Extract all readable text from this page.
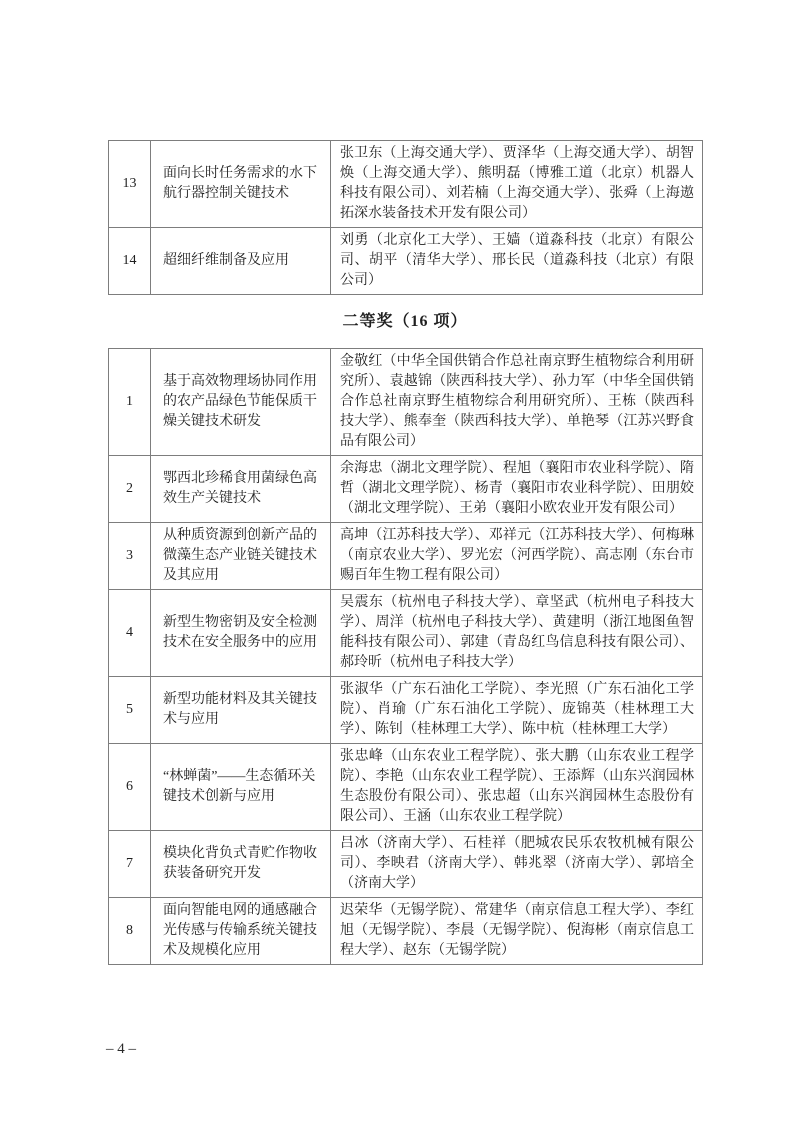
13	面向长时任务需求的水下航行器控制关键技术	张卫东（上海交通大学）、贾泽华（上海交通大学）、胡智焕（上海交通大学）、熊明磊（博雅工道（北京）机器人科技有限公司）、刘若楠（上海交通大学）、张舜（上海遨拓深水装备技术开发有限公司）
14	超细纤维制备及应用	刘勇（北京化工大学）、王嫱（道淼科技（北京）有限公司、胡平（清华大学）、邢长民（道淼科技（北京）有限公司）
二等奖（16 项）
1	基于高效物理场协同作用的农产品绿色节能保质干燥关键技术研发	金敬红（中华全国供销合作总社南京野生植物综合利用研究所）、袁越锦（陕西科技大学）、孙力军（中华全国供销合作总社南京野生植物综合利用研究所）、王栋（陕西科技大学）、熊奉奎（陕西科技大学）、单艳琴（江苏兴野食品有限公司）
2	鄂西北珍稀食用菌绿色高效生产关键技术	余海忠（湖北文理学院）、程旭（襄阳市农业科学院）、隋哲（湖北文理学院）、杨青（襄阳市农业科学院）、田朋姣（湖北文理学院）、王弟（襄阳小欧农业开发有限公司）
3	从种质资源到创新产品的微藻生态产业链关键技术及其应用	高坤（江苏科技大学）、邓祥元（江苏科技大学）、何梅琳（南京农业大学）、罗光宏（河西学院）、高志刚（东台市赐百年生物工程有限公司）
4	新型生物密钥及安全检测技术在安全服务中的应用	吴震东（杭州电子科技大学）、章坚武（杭州电子科技大学）、周洋（杭州电子科技大学）、黄建明（浙江地图鱼智能科技有限公司）、郭建（青岛红鸟信息科技有限公司）、郝玲昕（杭州电子科技大学）
5	新型功能材料及其关键技术与应用	张淑华（广东石油化工学院）、李光照（广东石油化工学院）、肖瑜（广东石油化工学院）、庞锦英（桂林理工大学）、陈钊（桂林理工大学）、陈中杭（桂林理工大学）
6	“林蝉菌”——生态循环关键技术创新与应用	张忠峰（山东农业工程学院）、张大鹏（山东农业工程学院）、李艳（山东农业工程学院）、王添辉（山东兴润园林生态股份有限公司）、张忠超（山东兴润园林生态股份有限公司）、王涵（山东农业工程学院）
7	模块化背负式青贮作物收获装备研究开发	吕冰（济南大学）、石桂祥（肥城农民乐农牧机械有限公司）、李映君（济南大学）、韩兆翠（济南大学）、郭培全（济南大学）
8	面向智能电网的通感融合光传感与传输系统关键技术及规模化应用	迟荣华（无锡学院）、常建华（南京信息工程大学）、李红旭（无锡学院）、李晨（无锡学院）、倪海彬（南京信息工程大学）、赵东（无锡学院）
– 4 –
